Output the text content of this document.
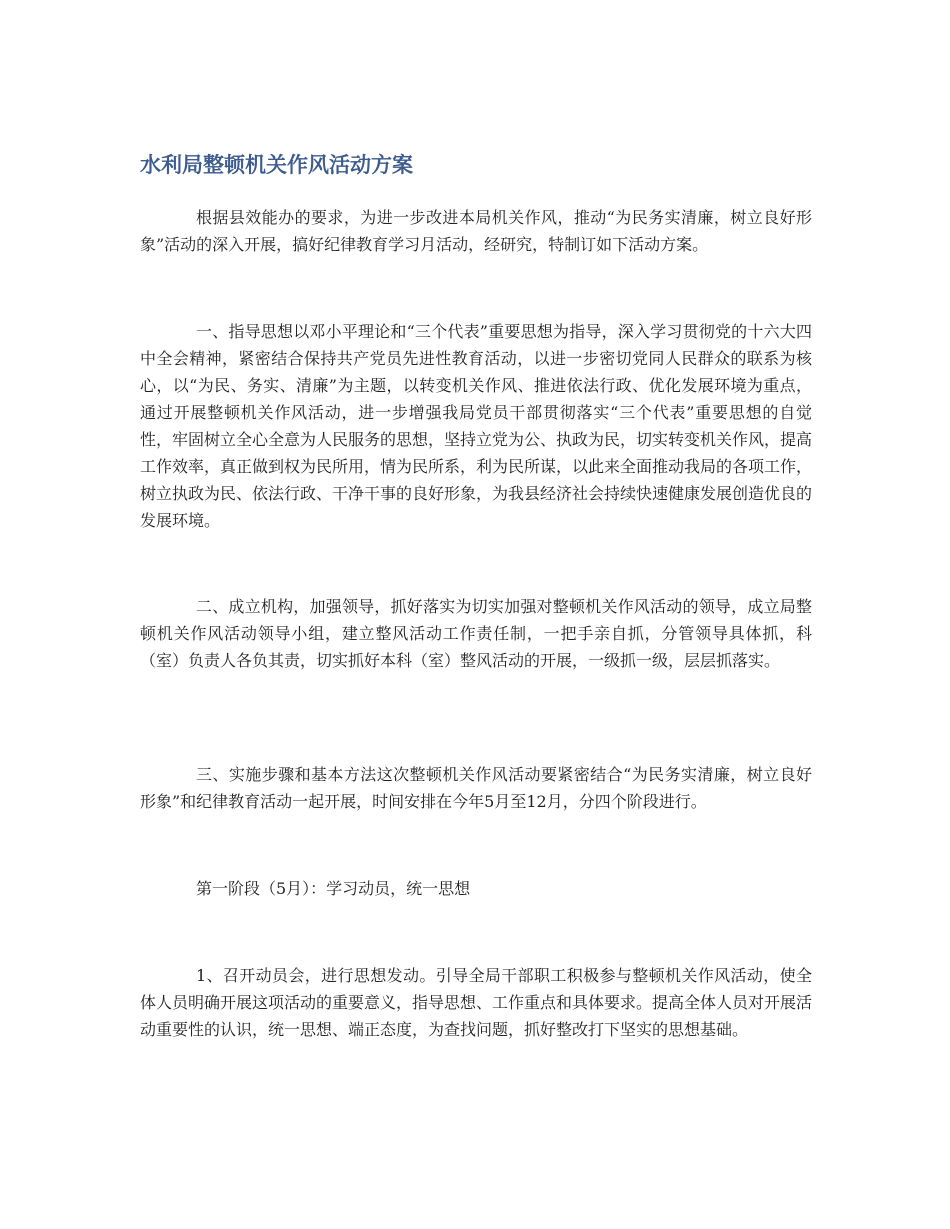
水利局整顿机关作风活动方案

根据县效能办的要求，为进一步改进本局机关作风，推动“为民务实清廉，树立良好形象”活动的深入开展，搞好纪律教育学习月活动，经研究，特制订如下活动方案。

一、指导思想以邓小平理论和“三个代表”重要思想为指导，深入学习贯彻党的十六大四中全会精神，紧密结合保持共产党员先进性教育活动，以进一步密切党同人民群众的联系为核心，以“为民、务实、清廉”为主题，以转变机关作风、推进依法行政、优化发展环境为重点，通过开展整顿机关作风活动，进一步增强我局党员干部贯彻落实“三个代表”重要思想的自觉性，牢固树立全心全意为人民服务的思想，坚持立党为公、执政为民，切实转变机关作风，提高工作效率，真正做到权为民所用，情为民所系，利为民所谋，以此来全面推动我局的各项工作，树立执政为民、依法行政、干净干事的良好形象，为我县经济社会持续快速健康发展创造优良的发展环境。

二、成立机构，加强领导，抓好落实为切实加强对整顿机关作风活动的领导，成立局整顿机关作风活动领导小组，建立整风活动工作责任制，一把手亲自抓，分管领导具体抓，科（室）负责人各负其责，切实抓好本科（室）整风活动的开展，一级抓一级，层层抓落实。

三、实施步骤和基本方法这次整顿机关作风活动要紧密结合“为民务实清廉，树立良好形象”和纪律教育活动一起开展，时间安排在今年5月至12月，分四个阶段进行。

第一阶段（5月）：学习动员，统一思想

1、召开动员会，进行思想发动。引导全局干部职工积极参与整顿机关作风活动，使全体人员明确开展这项活动的重要意义，指导思想、工作重点和具体要求。提高全体人员对开展活动重要性的认识，统一思想、端正态度，为查找问题，抓好整改打下坚实的思想基础。
